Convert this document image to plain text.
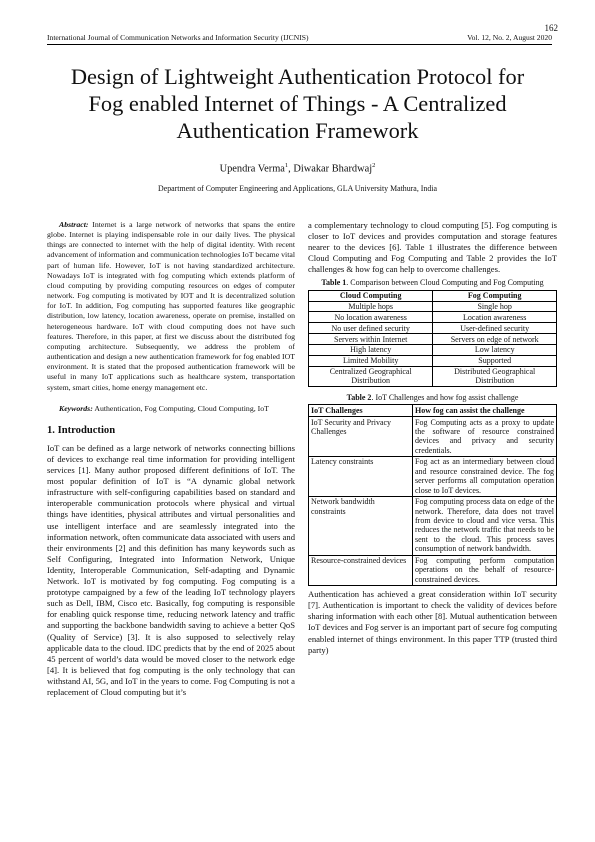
162
International Journal of Communication Networks and Information Security (IJCNIS)	Vol. 12, No. 2, August 2020
Design of Lightweight Authentication Protocol for
Fog enabled Internet of Things - A Centralized
Authentication Framework
Upendra Verma$^1$, Diwakar Bhardwaj$^2$
Department of Computer Engineering and Applications, GLA University Mathura, India

Abstract: Internet is a large network of networks that spans the entire globe. Internet is playing indispensable role in our daily lives. The physical things are connected to internet with the help of digital identity. With recent advancement of information and communication technologies IoT became vital part of human life. However, IoT is not having standardized architecture. Nowadays IoT is integrated with fog computing which extends platform of cloud computing by providing computing resources on edges of computer network. Fog computing is motivated by IOT and It is decentralized solution for IoT. In addition, Fog computing has supported features like geographic distribution, low latency, location awareness, operate on premise, installed on heterogeneous hardware. IoT with cloud computing does not have such features. Therefore, in this paper, at first we discuss about the distributed fog computing architecture. Subsequently, we address the problem of authentication and design a new authentication framework for fog enabled IOT environment. It is stated that the proposed authentication framework will be useful in many IoT applications such as healthcare system, transportation system, smart cities, home energy management etc.

Keywords: Authentication, Fog Computing, Cloud Computing, IoT

1. Introduction

IoT can be defined as a large network of networks connecting billions of devices to exchange real time information for providing intelligent services [1]. Many author proposed different definitions of IoT. The most popular definition of IoT is “A dynamic global network infrastructure with self-configuring capabilities based on standard and interoperable communication protocols where physical and virtual things have identities, physical attributes and virtual personalities and use intelligent interface and are seamlessly integrated into the information network, often communicate data associated with users and their environments [2] and this definition has many keywords such as Self Configuring, Integrated into Information Network, Unique Identity, Interoperable Communication, Self-adapting and Dynamic Network. IoT is motivated by fog computing. Fog computing is a prototype campaigned by a few of the leading IoT technology players such as Dell, IBM, Cisco etc. Basically, fog computing is responsible for enabling quick response time, reducing network latency and traffic and supporting the backbone bandwidth saving to achieve a better QoS (Quality of Service) [3]. It is also supposed to selectively relay applicable data to the cloud. IDC predicts that by the end of 2025 about 45 percent of world’s data would be moved closer to the network edge [4]. It is believed that fog computing is the only technology that can withstand AI, 5G, and IoT in the years to come. Fog Computing is not a replacement of Cloud computing but it’s

a complementary technology to cloud computing [5]. Fog computing is closer to IoT devices and provides computation and storage features nearer to the devices [6]. Table 1 illustrates the difference between Cloud Computing and Fog Computing and Table 2 provides the IoT challenges & how fog can help to overcome challenges.

Table 1. Comparison between Cloud Computing and Fog Computing
Cloud Computing	Fog Computing
Multiple hops	Single hop
No location awareness	Location awareness
No user defined security	User-defined security
Servers within Internet	Servers on edge of network
High latency	Low latency
Limited Mobility	Supported
Centralized Geographical Distribution	Distributed Geographical Distribution
Table 2. IoT Challenges and how fog assist challenge
IoT Challenges	How fog can assist the challenge
IoT Security and Privacy Challenges	Fog Computing acts as a proxy to update the software of resource constrained devices and privacy and security credentials.
Latency constraints	Fog act as an intermediary between cloud and resource constrained device. The fog server performs all computation operation close to IoT devices.
Network bandwidth constraints	Fog computing process data on edge of the network. Therefore, data does not travel from device to cloud and vice versa. This reduces the network traffic that needs to be sent to the cloud. This process saves consumption of network bandwidth.
Resource-constrained devices	Fog computing perform computation operations on the behalf of resource-constrained devices.

Authentication has achieved a great consideration within IoT security [7]. Authentication is important to check the validity of devices before sharing information with each other [8]. Mutual authentication between IoT devices and Fog server is an important part of secure fog computing enabled internet of things environment. In this paper TTP (trusted third party)
